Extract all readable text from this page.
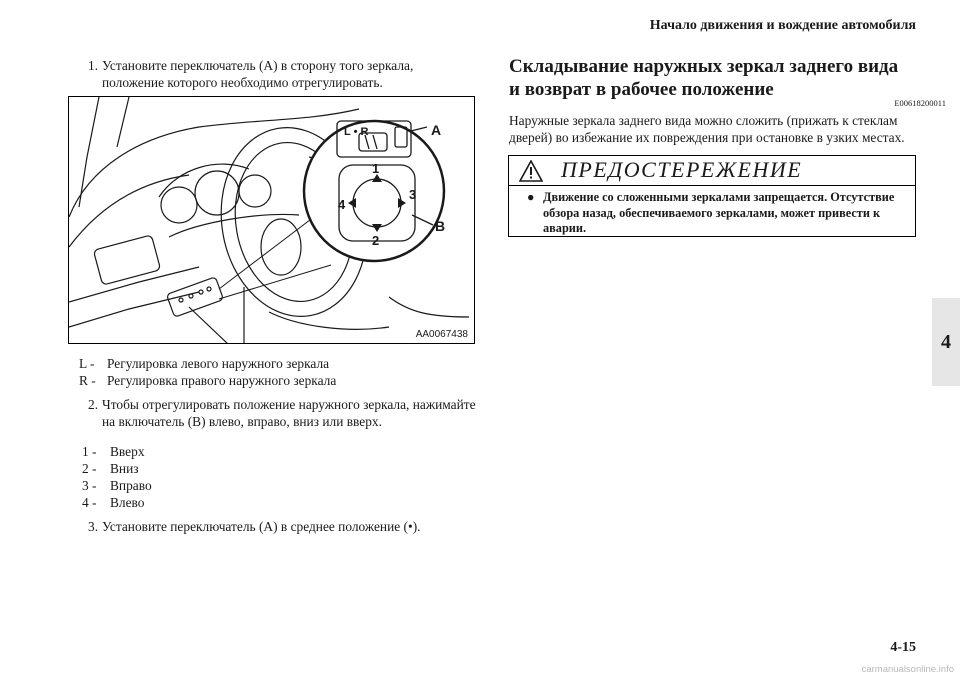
Начало движения и вождение автомобиля
1. Установите переключатель (A) в сторону того зеркала, положение которого необходимо отрегулировать.
L • R	A
B
1
2
3
4
AA0067438
L - Регулировка левого наружного зеркала
R - Регулировка правого наружного зеркала
2. Чтобы отрегулировать положение наружного зеркала, нажимайте на включатель (B) влево, вправо, вниз или вверх.
1 -	Вверх
2 -	Вниз
3 -	Вправо
4 -	Влево
3. Установите переключатель (A) в среднее положение (•).
Складывание наружных зеркал заднего вида
и возврат в рабочее положение
E00618200011
Наружные зеркала заднего вида можно сложить (прижать к стеклам дверей) во избежание их повреждения при остановке в узких местах.
ПРЕДОСТЕРЕЖЕНИЕ
● Движение со сложенными зеркалами запрещается. Отсутствие обзора назад, обеспечиваемого зеркалами, может привести к аварии.
4
4-15
carmanualsonline.info
